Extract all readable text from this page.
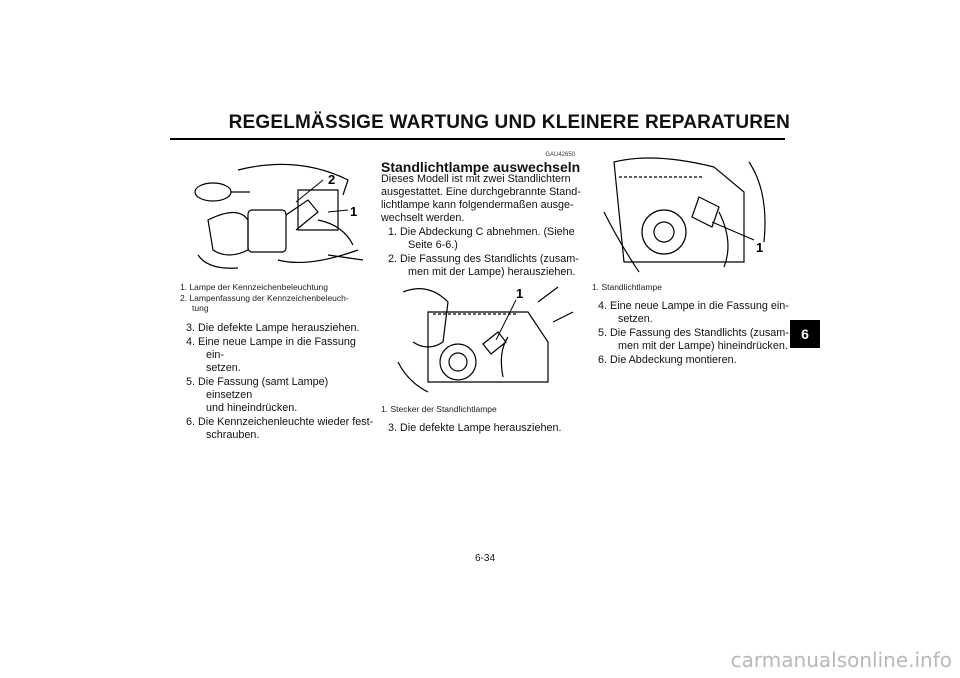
REGELMÄSSIGE WARTUNG UND KLEINERE REPARATUREN
6
2
1
1. Lampe der Kennzeichenbeleuchtung
2. Lampenfassung der Kennzeichenbeleuch-
tung
3. Die defekte Lampe herausziehen.
4. Eine neue Lampe in die Fassung ein-
setzen.
5. Die Fassung (samt Lampe) einsetzen
und hineindrücken.
6. Die Kennzeichenleuchte wieder fest-
schrauben.
GAU42650
Standlichtlampe auswechseln
Dieses Modell ist mit zwei Standlichtern
ausgestattet. Eine durchgebrannte Stand-
lichtlampe kann folgendermaßen ausge-
wechselt werden.
1. Die Abdeckung C abnehmen. (Siehe
Seite 6-6.)
2. Die Fassung des Standlichts (zusam-
men mit der Lampe) herausziehen.
1
1. Stecker der Standlichtlampe
3. Die defekte Lampe herausziehen.
1
1. Standlichtlampe
4. Eine neue Lampe in die Fassung ein-
setzen.
5. Die Fassung des Standlichts (zusam-
men mit der Lampe) hineindrücken.
6. Die Abdeckung montieren.
6-34
carmanualsonline.info
